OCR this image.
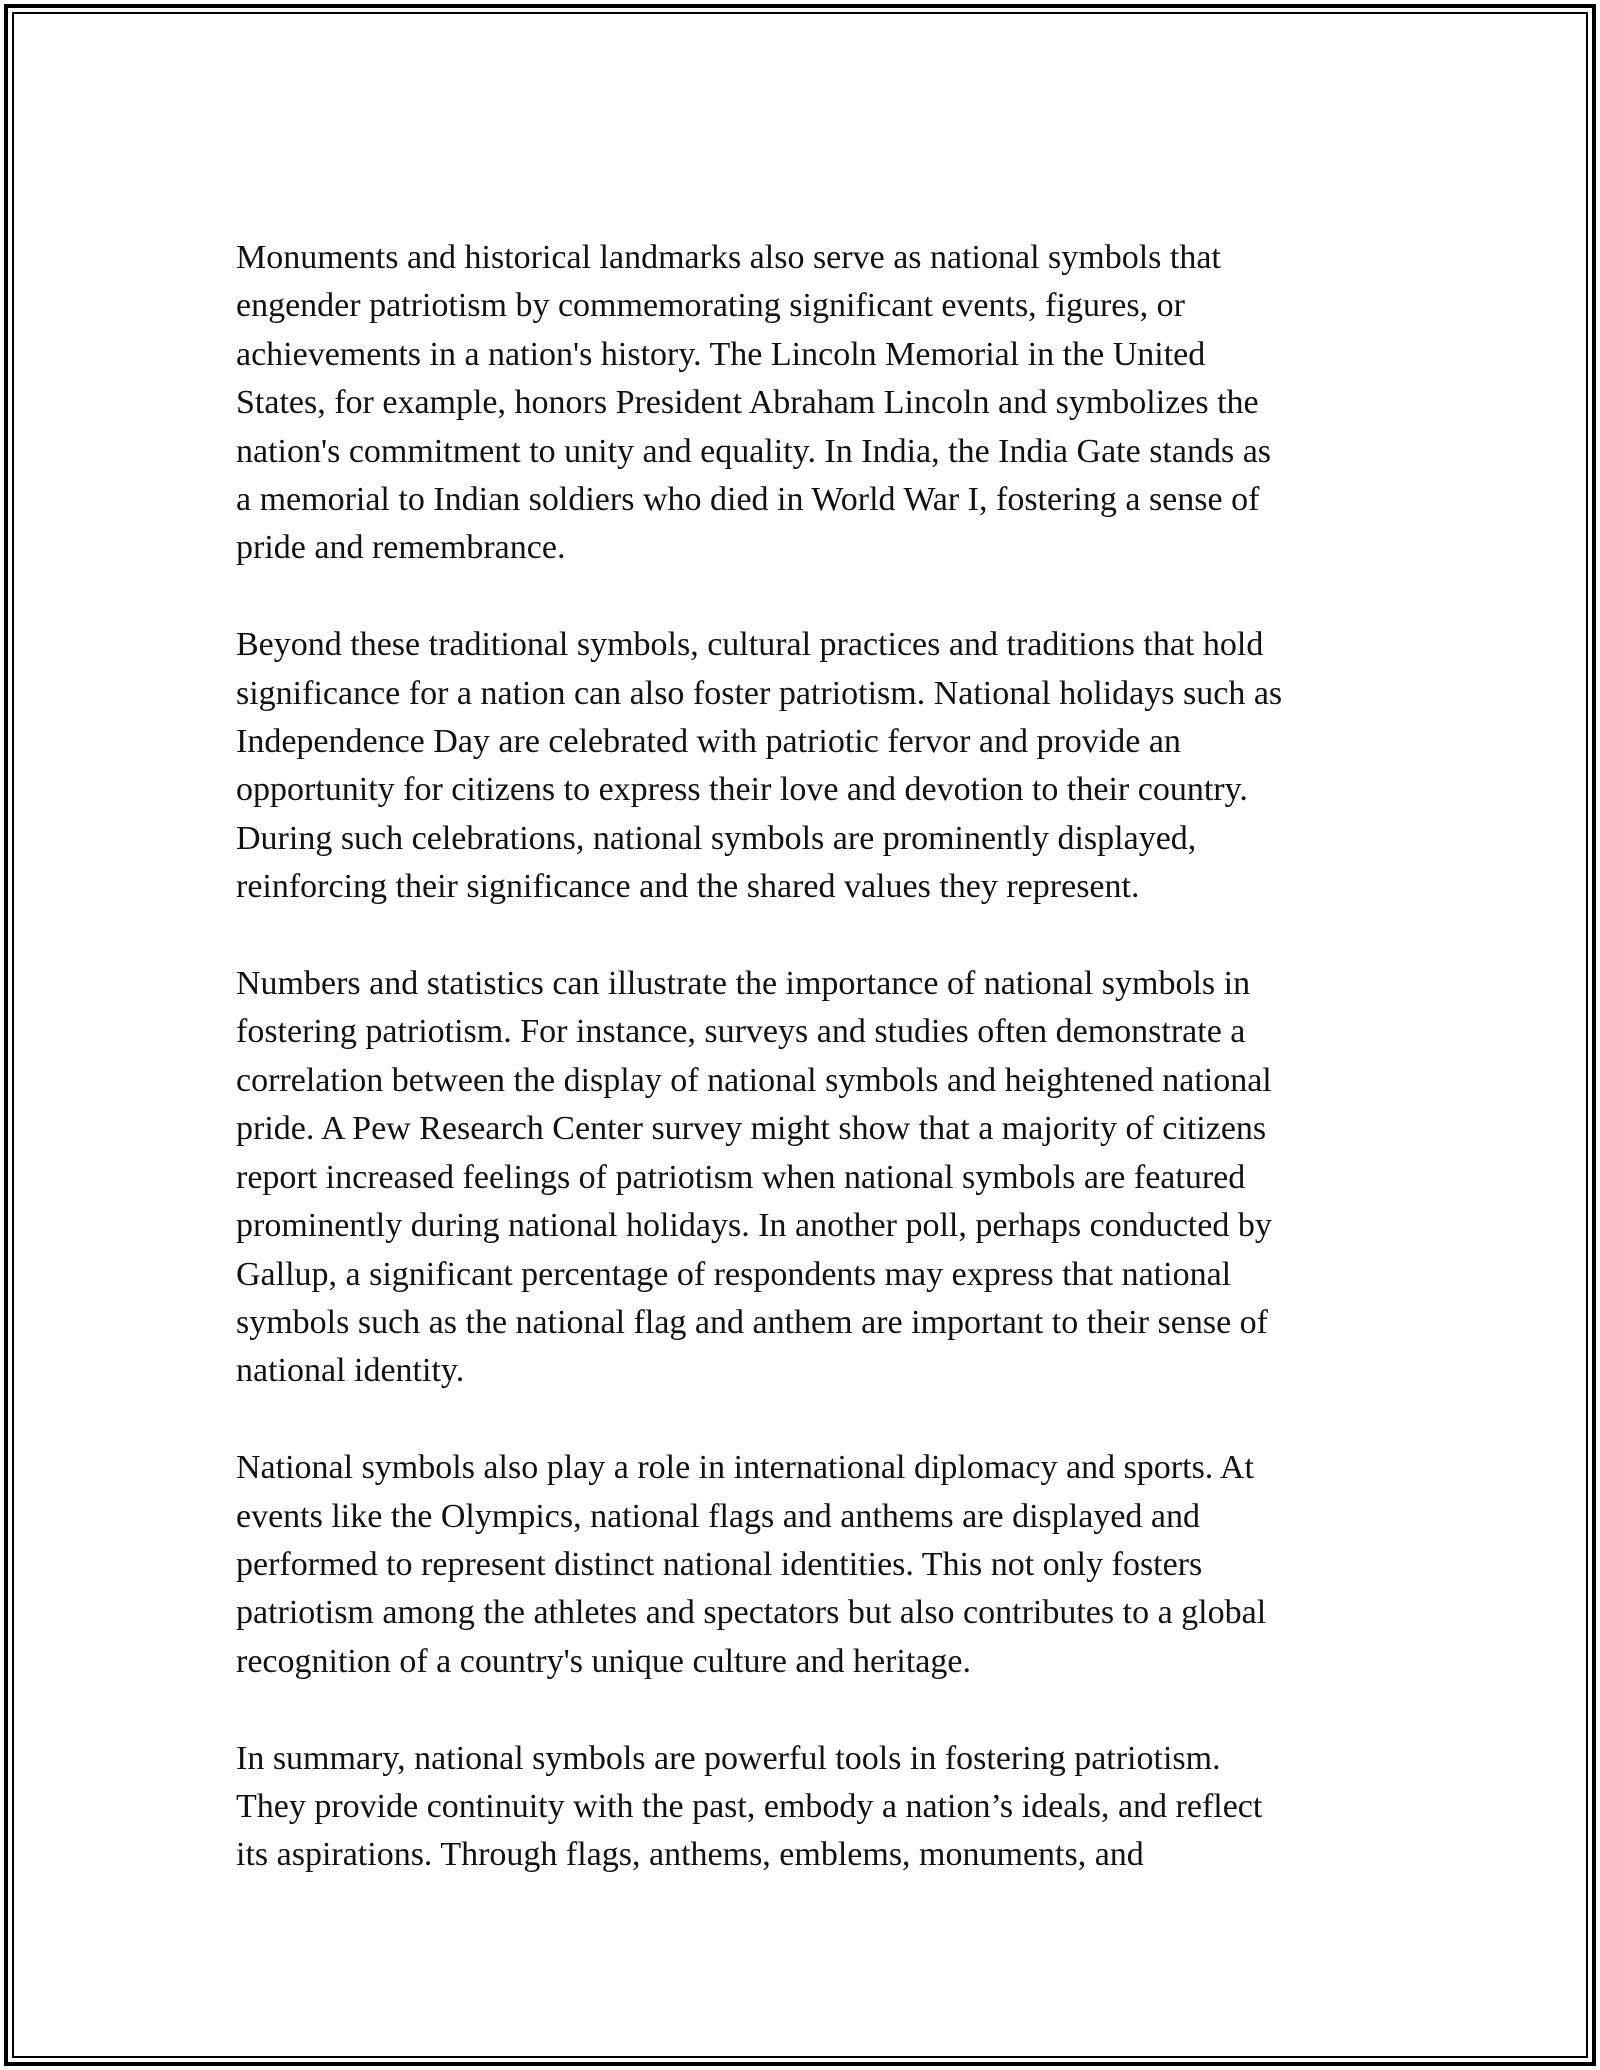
Monuments and historical landmarks also serve as national symbols that
engender patriotism by commemorating significant events, figures, or
achievements in a nation's history. The Lincoln Memorial in the United
States, for example, honors President Abraham Lincoln and symbolizes the
nation's commitment to unity and equality. In India, the India Gate stands as
a memorial to Indian soldiers who died in World War I, fostering a sense of
pride and remembrance.

Beyond these traditional symbols, cultural practices and traditions that hold
significance for a nation can also foster patriotism. National holidays such as
Independence Day are celebrated with patriotic fervor and provide an
opportunity for citizens to express their love and devotion to their country.
During such celebrations, national symbols are prominently displayed,
reinforcing their significance and the shared values they represent.

Numbers and statistics can illustrate the importance of national symbols in
fostering patriotism. For instance, surveys and studies often demonstrate a
correlation between the display of national symbols and heightened national
pride. A Pew Research Center survey might show that a majority of citizens
report increased feelings of patriotism when national symbols are featured
prominently during national holidays. In another poll, perhaps conducted by
Gallup, a significant percentage of respondents may express that national
symbols such as the national flag and anthem are important to their sense of
national identity.

National symbols also play a role in international diplomacy and sports. At
events like the Olympics, national flags and anthems are displayed and
performed to represent distinct national identities. This not only fosters
patriotism among the athletes and spectators but also contributes to a global
recognition of a country's unique culture and heritage.

In summary, national symbols are powerful tools in fostering patriotism.
They provide continuity with the past, embody a nation’s ideals, and reflect
its aspirations. Through flags, anthems, emblems, monuments, and
